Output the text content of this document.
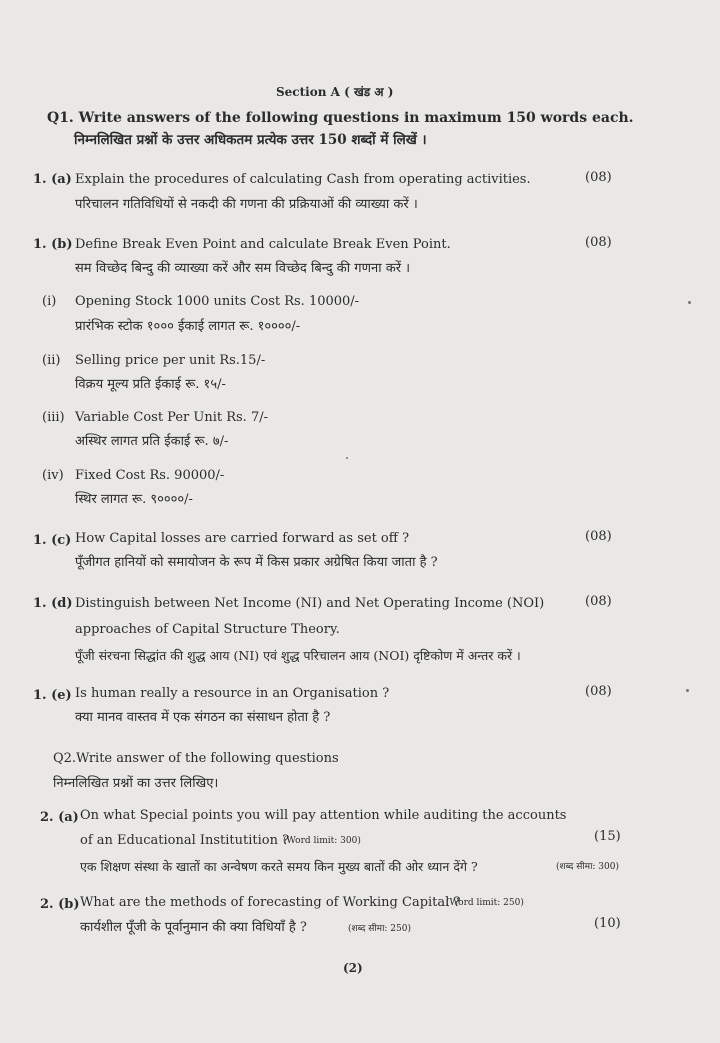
Section A ( खंड अ )
Q1. Write answers of the following questions in maximum 150 words each.
निम्नलिखित प्रश्नों के उत्तर अधिकतम प्रत्येक उत्तर 150 शब्दों में लिखें ।
1. (a) Explain the procedures of calculating Cash from operating activities.	(08)
परिचालन गतिविधियों से नकदी की गणना की प्रक्रियाओं की व्याख्या करें ।
1. (b) Define Break Even Point and calculate Break Even Point.	(08)
सम विच्छेद बिन्दु की व्याख्या करें और सम विच्छेद बिन्दु की गणना करें ।
(i) Opening Stock 1000 units Cost Rs. 10000/-
प्रारंभिक स्टोक १००० ईकाई लागत रू. १००००/-
(ii) Selling price per unit Rs.15/-
विक्रय मूल्य प्रति ईकाई रू. १५/-
(iii) Variable Cost Per Unit Rs. 7/-
अस्थिर लागत प्रति ईकाई रू. ७/-
(iv) Fixed Cost Rs. 90000/-
स्थिर लागत रू. ९००००/-
1. (c) How Capital losses are carried forward as set off ?	(08)
पूँजीगत हानियों को समायोजन के रूप में किस प्रकार अग्रेषित किया जाता है ?
1. (d) Distinguish between Net Income (NI) and Net Operating Income (NOI)	(08)
approaches of Capital Structure Theory.
पूँजी संरचना सिद्धांत की शुद्ध आय (NI) एवं शुद्ध परिचालन आय (NOI) दृष्टिकोण में अन्तर करें ।
1. (e) Is human really a resource in an Organisation ?	(08)
क्या मानव वास्तव में एक संगठन का संसाधन होता है ?
Q2.Write answer of the following questions
निम्नलिखित प्रश्नों का उत्तर लिखिए।
2. (a) On what Special points you will pay attention while auditing the accounts
of an Educational Institutition ?
(Word limit: 300)	(15)
एक शिक्षण संस्था के खातों का अन्वेषण करते समय किन मुख्य बातों की ओर ध्यान देंगे ?	(शब्द सीमा: 300)
2. (b) What are the methods of forecasting of Working Capital ?
(Word limit: 250)
(10)
कार्यशील पूँजी के पूर्वानुमान की क्या विधियाँ है ?	(शब्द सीमा: 250)
(2)
